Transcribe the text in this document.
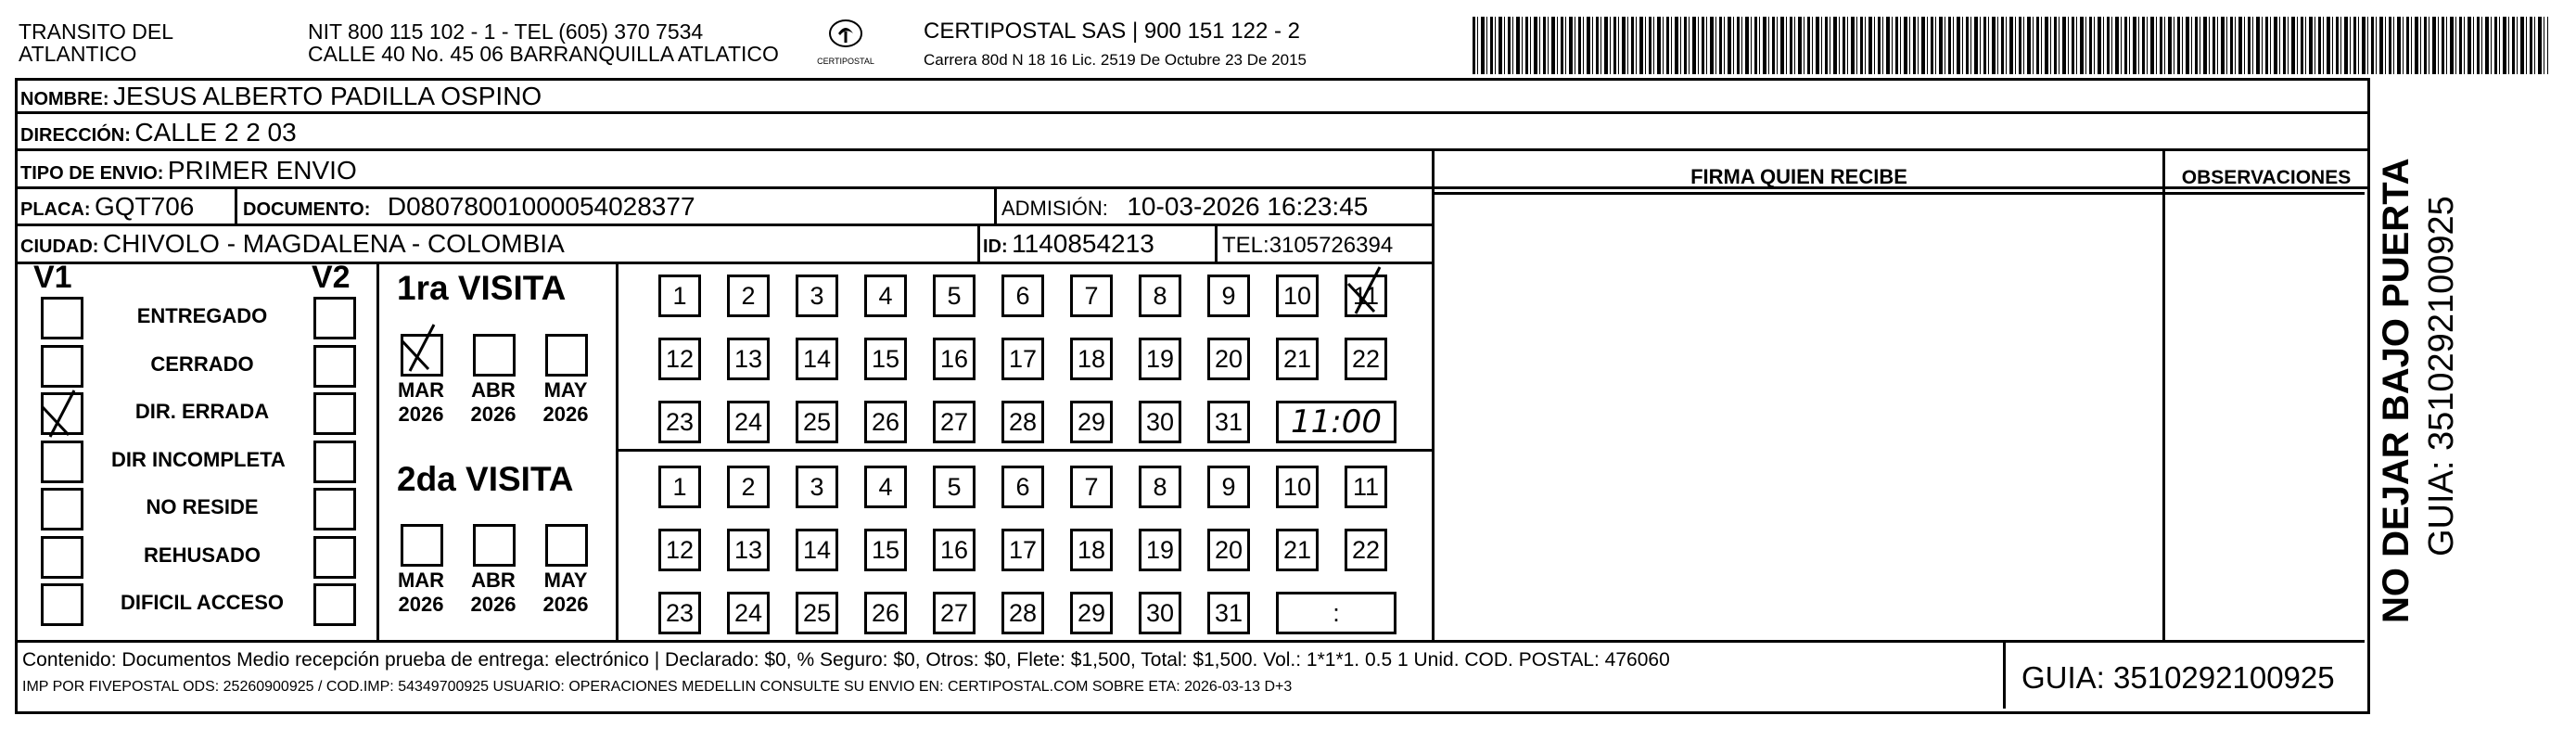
TRANSITO DEL
ATLANTICO
NIT 800 115 102 - 1 - TEL (605) 370 7534
CALLE 40 No. 45 06 BARRANQUILLA ATLATICO	CERTIPOSTAL
CERTIPOSTAL SAS | 900 151 122 - 2
Carrera 80d N 18 16 Lic. 2519 De Octubre 23 De 2015
NOMBRE: JESUS ALBERTO PADILLA OSPINO
DIRECCIÓN: CALLE 2 2 03
TIPO DE ENVIO: PRIMER ENVIO
PLACA: GQT706	DOCUMENTO: D08078001000054028377	ADMISIÓN: 10-03-2026 16:23:45
CIUDAD: CHIVOLO - MAGDALENA - COLOMBIA	ID: 1140854213	TEL:3105726394
FIRMA QUIEN RECIBE	OBSERVACIONES
V1	V2 1ra VISITA
2da VISITA
Contenido: Documentos Medio recepción prueba de entrega: electrónico | Declarado: $0, % Seguro: $0, Otros: $0, Flete: $1,500, Total: $1,500. Vol.: 1*1*1. 0.5 1 Unid. COD. POSTAL: 476060
IMP POR FIVEPOSTAL ODS: 25260900925 / COD.IMP: 54349700925 USUARIO: OPERACIONES MEDELLIN CONSULTE SU ENVIO EN: CERTIPOSTAL.COM SOBRE ETA: 2026-03-13 D+3	GUIA: 3510292100925
NO DEJAR BAJO PUERTA GUIA: 3510292100925
ENTREGADO
CERRADO
DIR. ERRADA
DIR INCOMPLETA
NO RESIDE
REHUSADO
DIFICIL ACCESO
MAR
2026
ABR
2026
MAY
2026
MAR
2026
ABR
2026
MAY
2026
1	2	3	4	5	6	7	8	9	10	11
12 13 14 15 16 17 18 19 20 21 22
23 24 25 26 27 28 29 30 31	11:00
1	2	3	4	5	6	7	8	9	10	11
12 13 14 15 16 17 18 19 20 21 22
23 24 25 26 27 28 29 30 31	:
